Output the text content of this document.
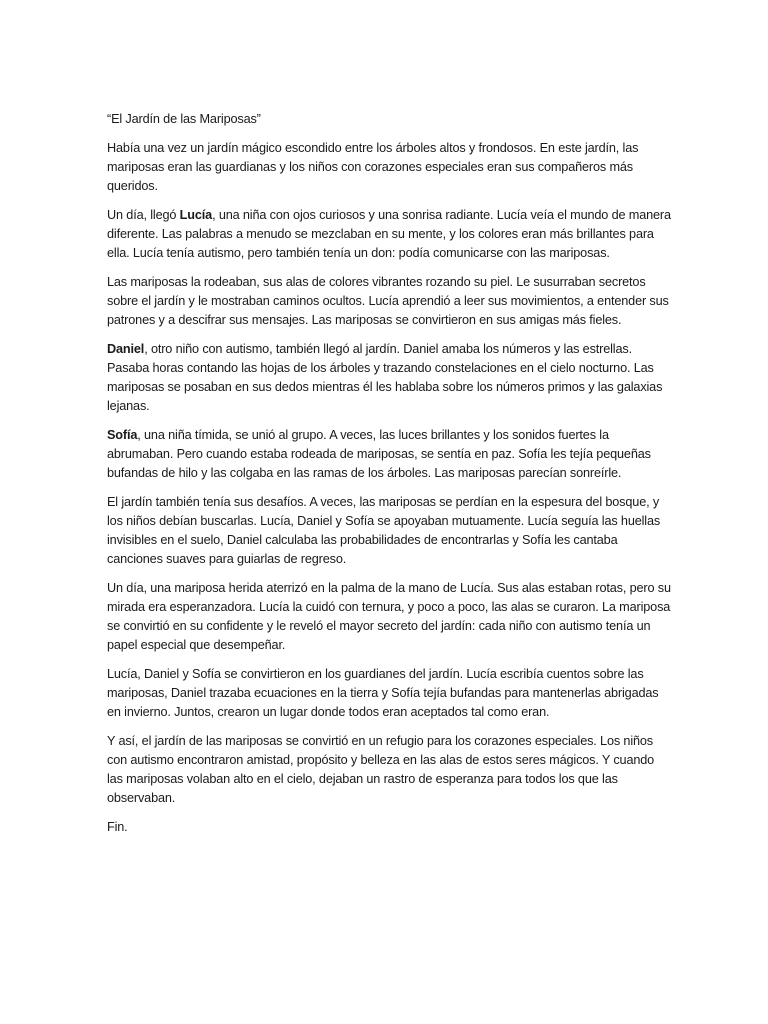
“El Jardín de las Mariposas”

Había una vez un jardín mágico escondido entre los árboles altos y frondosos. En este jardín, las mariposas eran las guardianas y los niños con corazones especiales eran sus compañeros más queridos.

Un día, llegó Lucía, una niña con ojos curiosos y una sonrisa radiante. Lucía veía el mundo de manera diferente. Las palabras a menudo se mezclaban en su mente, y los colores eran más brillantes para ella. Lucía tenía autismo, pero también tenía un don: podía comunicarse con las mariposas.

Las mariposas la rodeaban, sus alas de colores vibrantes rozando su piel. Le susurraban secretos sobre el jardín y le mostraban caminos ocultos. Lucía aprendió a leer sus movimientos, a entender sus patrones y a descifrar sus mensajes. Las mariposas se convirtieron en sus amigas más fieles.

Daniel, otro niño con autismo, también llegó al jardín. Daniel amaba los números y las estrellas. Pasaba horas contando las hojas de los árboles y trazando constelaciones en el cielo nocturno. Las mariposas se posaban en sus dedos mientras él les hablaba sobre los números primos y las galaxias lejanas.

Sofía, una niña tímida, se unió al grupo. A veces, las luces brillantes y los sonidos fuertes la abrumaban. Pero cuando estaba rodeada de mariposas, se sentía en paz. Sofía les tejía pequeñas bufandas de hilo y las colgaba en las ramas de los árboles. Las mariposas parecían sonreírle.

El jardín también tenía sus desafíos. A veces, las mariposas se perdían en la espesura del bosque, y los niños debían buscarlas. Lucía, Daniel y Sofía se apoyaban mutuamente. Lucía seguía las huellas invisibles en el suelo, Daniel calculaba las probabilidades de encontrarlas y Sofía les cantaba canciones suaves para guiarlas de regreso.

Un día, una mariposa herida aterrizó en la palma de la mano de Lucía. Sus alas estaban rotas, pero su mirada era esperanzadora. Lucía la cuidó con ternura, y poco a poco, las alas se curaron. La mariposa se convirtió en su confidente y le reveló el mayor secreto del jardín: cada niño con autismo tenía un papel especial que desempeñar.

Lucía, Daniel y Sofía se convirtieron en los guardianes del jardín. Lucía escribía cuentos sobre las mariposas, Daniel trazaba ecuaciones en la tierra y Sofía tejía bufandas para mantenerlas abrigadas en invierno. Juntos, crearon un lugar donde todos eran aceptados tal como eran.

Y así, el jardín de las mariposas se convirtió en un refugio para los corazones especiales. Los niños con autismo encontraron amistad, propósito y belleza en las alas de estos seres mágicos. Y cuando las mariposas volaban alto en el cielo, dejaban un rastro de esperanza para todos los que las observaban.

Fin.
